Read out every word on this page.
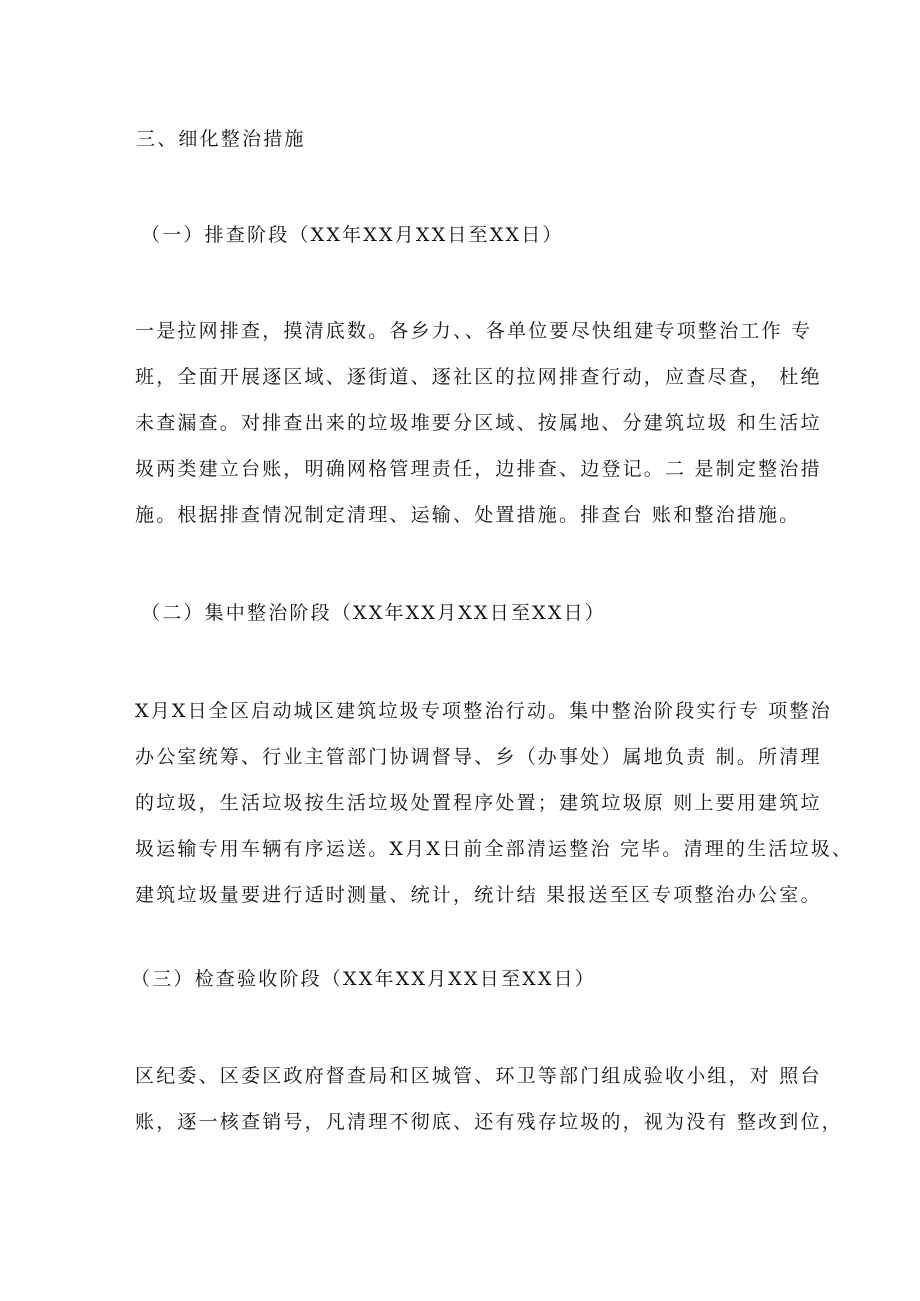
三、细化整治措施
（一）排查阶段（XX年XX月XX日至XX日）
一是拉网排查，摸清底数。各乡力、、各单位要尽快组建专项整治工作 专
班，全面开展逐区域、逐街道、逐社区的拉网排查行动，应查尽查， 杜绝
未查漏查。对排查出来的垃圾堆要分区域、按属地、分建筑垃圾 和生活垃
圾两类建立台账，明确网格管理责任，边排查、边登记。二 是制定整治措
施。根据排查情况制定清理、运输、处置措施。排查台 账和整治措施。
（二）集中整治阶段（XX年XX月XX日至XX日）
X月X日全区启动城区建筑垃圾专项整治行动。集中整治阶段实行专 项整治
办公室统筹、行业主管部门协调督导、乡（办事处）属地负责 制。所清理
的垃圾，生活垃圾按生活垃圾处置程序处置；建筑垃圾原 则上要用建筑垃
圾运输专用车辆有序运送。X月X日前全部清运整治 完毕。清理的生活垃圾、
建筑垃圾量要进行适时测量、统计，统计结 果报送至区专项整治办公室。
（三）检查验收阶段（XX年XX月XX日至XX日）
区纪委、区委区政府督查局和区城管、环卫等部门组成验收小组，对 照台
账，逐一核查销号，凡清理不彻底、还有残存垃圾的，视为没有 整改到位，
